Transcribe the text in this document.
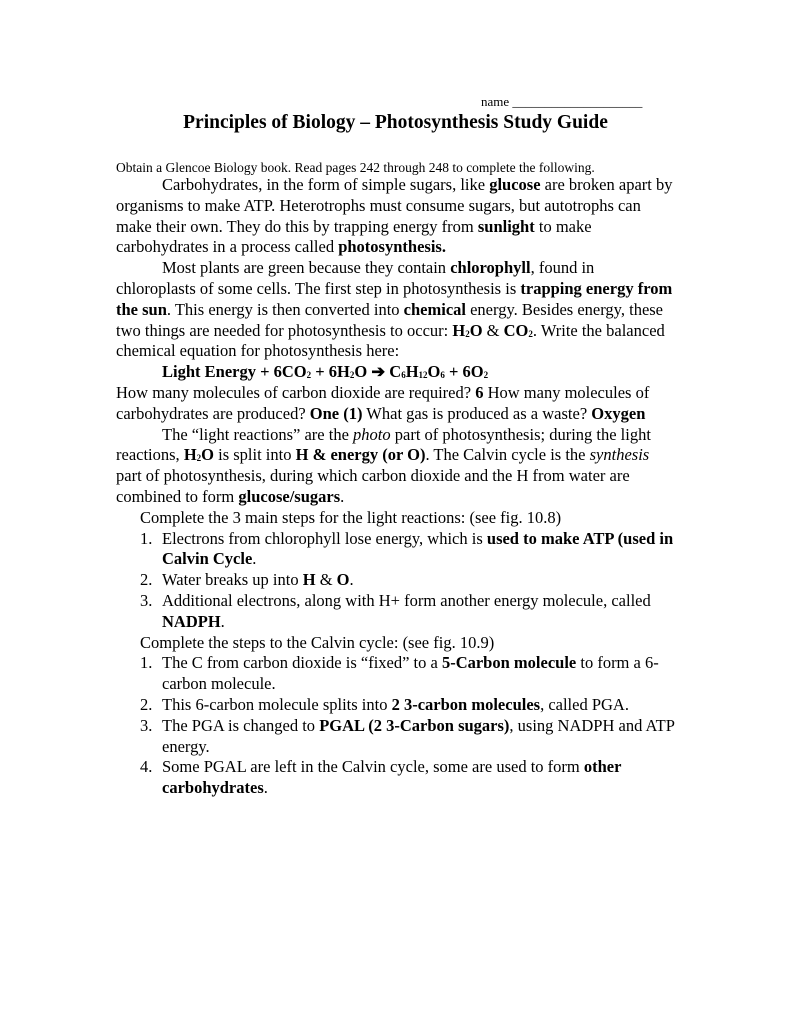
name ____________________
Principles of Biology – Photosynthesis Study Guide
Obtain a Glencoe Biology book. Read pages 242 through 248 to complete the following.

Carbohydrates, in the form of simple sugars, like glucose are broken apart by organisms to make ATP. Heterotrophs must consume sugars, but autotrophs can make their own. They do this by trapping energy from sunlight to make carbohydrates in a process called photosynthesis.

Most plants are green because they contain chlorophyll, found in chloroplasts of some cells. The first step in photosynthesis is trapping energy from the sun. This energy is then converted into chemical energy. Besides energy, these two things are needed for photosynthesis to occur: $H_2O$ & $CO_2$. Write the balanced chemical equation for photosynthesis here:

Light Energy + $6CO_2 + 6H_2O$ ➔ $C_6H_{12}O_6 + 6O_2$

How many molecules of carbon dioxide are required? 6 How many molecules of carbohydrates are produced? One (1) What gas is produced as a waste? Oxygen

The “light reactions” are the photo part of photosynthesis; during the light reactions, $H_2O$ is split into H & energy (or O). The Calvin cycle is the synthesis part of photosynthesis, during which carbon dioxide and the H from water are combined to form glucose/sugars.

Complete the 3 main steps for the light reactions: (see fig. 10.8)

1. Electrons from chlorophyll lose energy, which is used to make ATP (used in Calvin Cycle.
2. Water breaks up into H & O.
3. Additional electrons, along with H+ form another energy molecule, called NADPH.

Complete the steps to the Calvin cycle: (see fig. 10.9)

1. The C from carbon dioxide is “fixed” to a 5-Carbon molecule to form a 6-carbon molecule.
2. This 6-carbon molecule splits into 2 3-carbon molecules, called PGA.
3. The PGA is changed to PGAL (2 3-Carbon sugars), using NADPH and ATP energy.
4. Some PGAL are left in the Calvin cycle, some are used to form other carbohydrates.
